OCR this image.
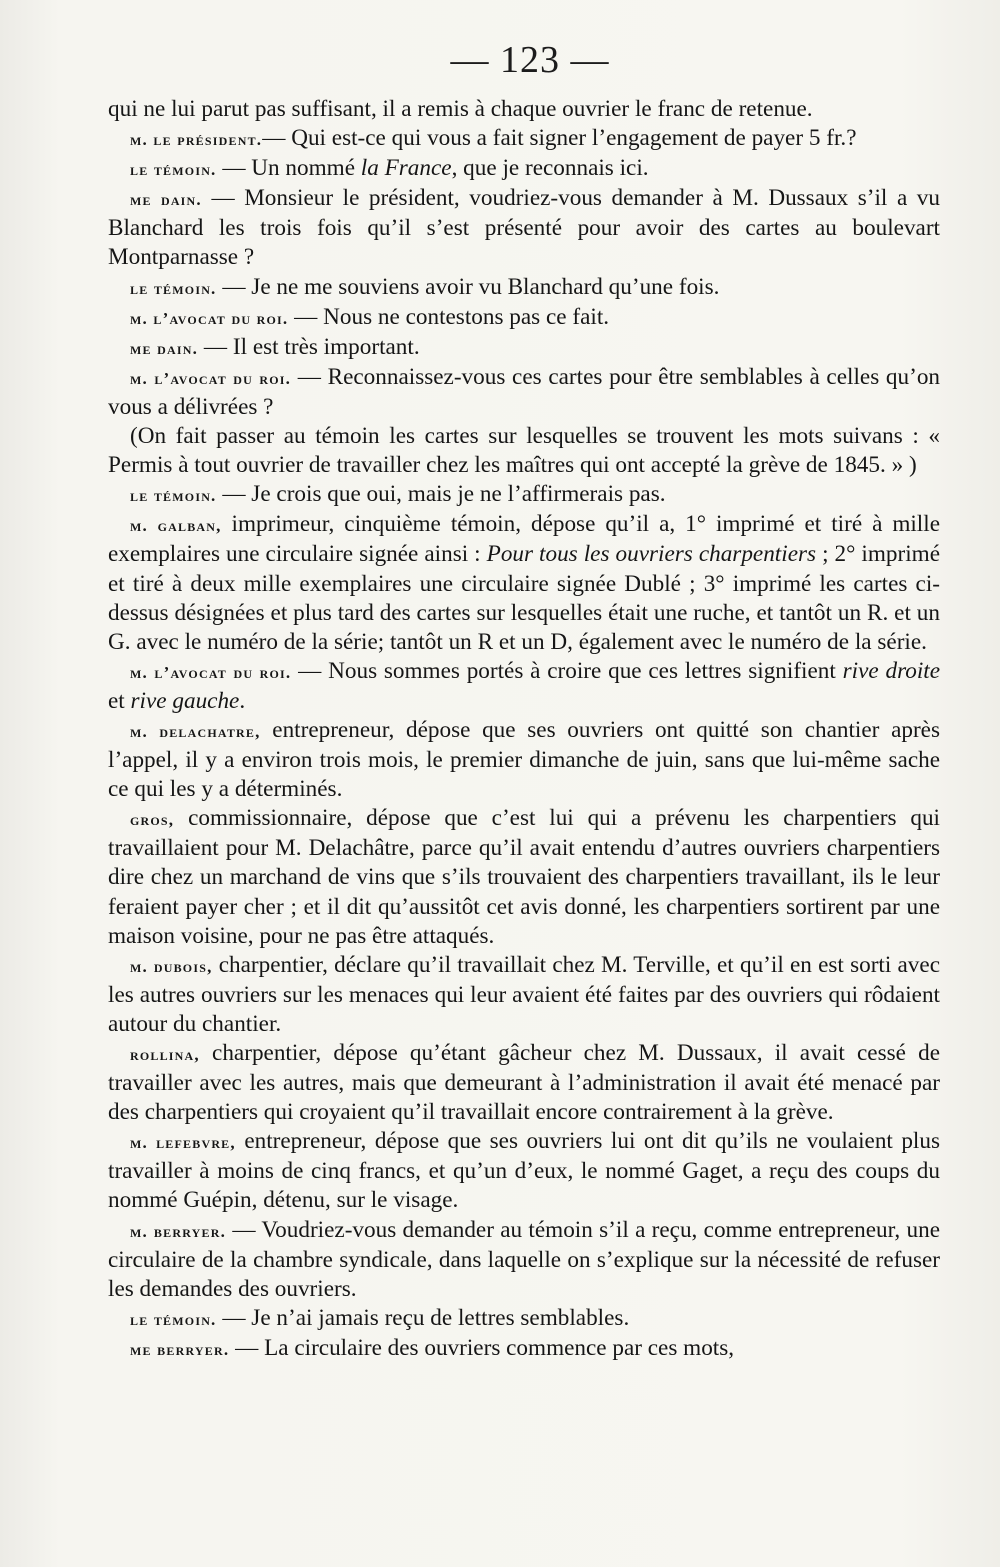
— 123 —

qui ne lui parut pas suffisant, il a remis à chaque ouvrier le franc de retenue.

m. le président.— Qui est-ce qui vous a fait signer l’engagement de payer 5 fr.?

le témoin. — Un nommé la France, que je reconnais ici.

me dain. — Monsieur le président, voudriez-vous demander à M. Dussaux s’il a vu Blanchard les trois fois qu’il s’est présenté pour avoir des cartes au boulevart Montparnasse ?

le témoin. — Je ne me souviens avoir vu Blanchard qu’une fois.

m. l’avocat du roi. — Nous ne contestons pas ce fait.

me dain. — Il est très important.

m. l’avocat du roi. — Reconnaissez-vous ces cartes pour être semblables à celles qu’on vous a délivrées ?

(On fait passer au témoin les cartes sur lesquelles se trouvent les mots suivans : « Permis à tout ouvrier de travailler chez les maîtres qui ont accepté la grève de 1845. » )

le témoin. — Je crois que oui, mais je ne l’affirmerais pas.

m. galban, imprimeur, cinquième témoin, dépose qu’il a, 1° imprimé et tiré à mille exemplaires une circulaire signée ainsi : Pour tous les ouvriers charpentiers ; 2° imprimé et tiré à deux mille exemplaires une circulaire signée Dublé ; 3° imprimé les cartes ci-dessus désignées et plus tard des cartes sur lesquelles était une ruche, et tantôt un R. et un G. avec le numéro de la série; tantôt un R et un D, également avec le numéro de la série.

m. l’avocat du roi. — Nous sommes portés à croire que ces lettres signifient rive droite et rive gauche.

m. delachatre, entrepreneur, dépose que ses ouvriers ont quitté son chantier après l’appel, il y a environ trois mois, le premier dimanche de juin, sans que lui-même sache ce qui les y a déterminés.

gros, commissionnaire, dépose que c’est lui qui a prévenu les charpentiers qui travaillaient pour M. Delachâtre, parce qu’il avait entendu d’autres ouvriers charpentiers dire chez un marchand de vins que s’ils trouvaient des charpentiers travaillant, ils le leur feraient payer cher ; et il dit qu’aussitôt cet avis donné, les charpentiers sortirent par une maison voisine, pour ne pas être attaqués.

m. dubois, charpentier, déclare qu’il travaillait chez M. Terville, et qu’il en est sorti avec les autres ouvriers sur les menaces qui leur avaient été faites par des ouvriers qui rôdaient autour du chantier.

rollina, charpentier, dépose qu’étant gâcheur chez M. Dussaux, il avait cessé de travailler avec les autres, mais que demeurant à l’administration il avait été menacé par des charpentiers qui croyaient qu’il travaillait encore contrairement à la grève.

m. lefebvre, entrepreneur, dépose que ses ouvriers lui ont dit qu’ils ne voulaient plus travailler à moins de cinq francs, et qu’un d’eux, le nommé Gaget, a reçu des coups du nommé Guépin, détenu, sur le visage.

m. berryer. — Voudriez-vous demander au témoin s’il a reçu, comme entrepreneur, une circulaire de la chambre syndicale, dans laquelle on s’explique sur la nécessité de refuser les demandes des ouvriers.

le témoin. — Je n’ai jamais reçu de lettres semblables.

me berryer. — La circulaire des ouvriers commence par ces mots,
